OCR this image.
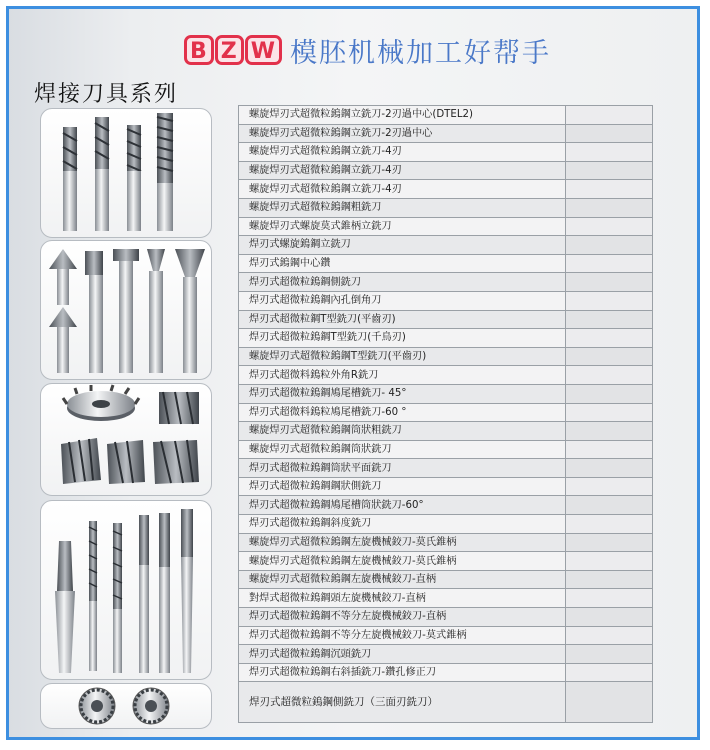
B Z W 模胚机械加工好帮手
焊接刀具系列
螺旋焊刃式超微粒鎢鋼立銑刀-2刃過中心(DTEL2)	
螺旋焊刃式超微粒鎢鋼立銑刀-2刃過中心	
螺旋焊刃式超微粒鎢鋼立銑刀-4刃	
螺旋焊刃式超微粒鎢鋼立銑刀-4刃	
螺旋焊刃式超微粒鎢鋼立銑刀-4刃	
螺旋焊刃式超微粒鎢鋼粗銑刀	
螺旋焊刃式螺旋莫式錐柄立銑刀	
焊刃式螺旋鎢鋼立銑刀	
焊刃式鎢鋼中心鑽	
焊刃式超微粒鎢鋼側銑刀	
焊刃式超微粒鎢鋼內孔倒角刀	
焊刃式超微粒鋼T型銑刀(平齒刃)	
焊刃式超微粒鎢鋼T型銑刀(千鳥刃)	
螺旋焊刃式超微粒鎢鋼T型銑刀(平齒刃)	
焊刃式超微料鎢粒外角R銑刀	
焊刃式超微粒鎢鋼鳩尾槽銑刀- 45°	
焊刃式超微料鎢粒鳩尾槽銑刀-60 °	
螺旋焊刃式超微粒鎢鋼筒狀粗銑刀	
螺旋焊刃式超微粒鎢鋼筒狀銑刀	
焊刃式超微粒鎢鋼筒狀平面銑刀	
焊刃式超微粒鎢鋼鋼狀側銑刀	
焊刃式超微粒鎢鋼鳩尾槽筒狀銑刀-60°	
焊刃式超微粒鎢鋼斜度銑刀	
螺旋焊刃式超微粒鎢鋼左旋機械鉸刀-莫氏錐柄	
螺旋焊刃式超微粒鎢鋼左旋機械鉸刀-莫氏錐柄	
螺旋焊刃式超微粒鎢鋼左旋機械鉸刀-直柄	
對焊式超微粒鎢鋼頭左旋機械鉸刀-直柄	
焊刃式超微粒鎢鋼不等分左旋機械鉸刀-直柄	
焊刃式超微粒鎢鋼不等分左旋機械鉸刀-莫式錐柄	
焊刃式超微粒鎢鋼沉頭銑刀	
焊刃式超微粒鎢鋼右斜插銑刀-鑽孔修正刀	
焊刃式超微粒鎢鋼側銑刀（三面刃銑刀）	
